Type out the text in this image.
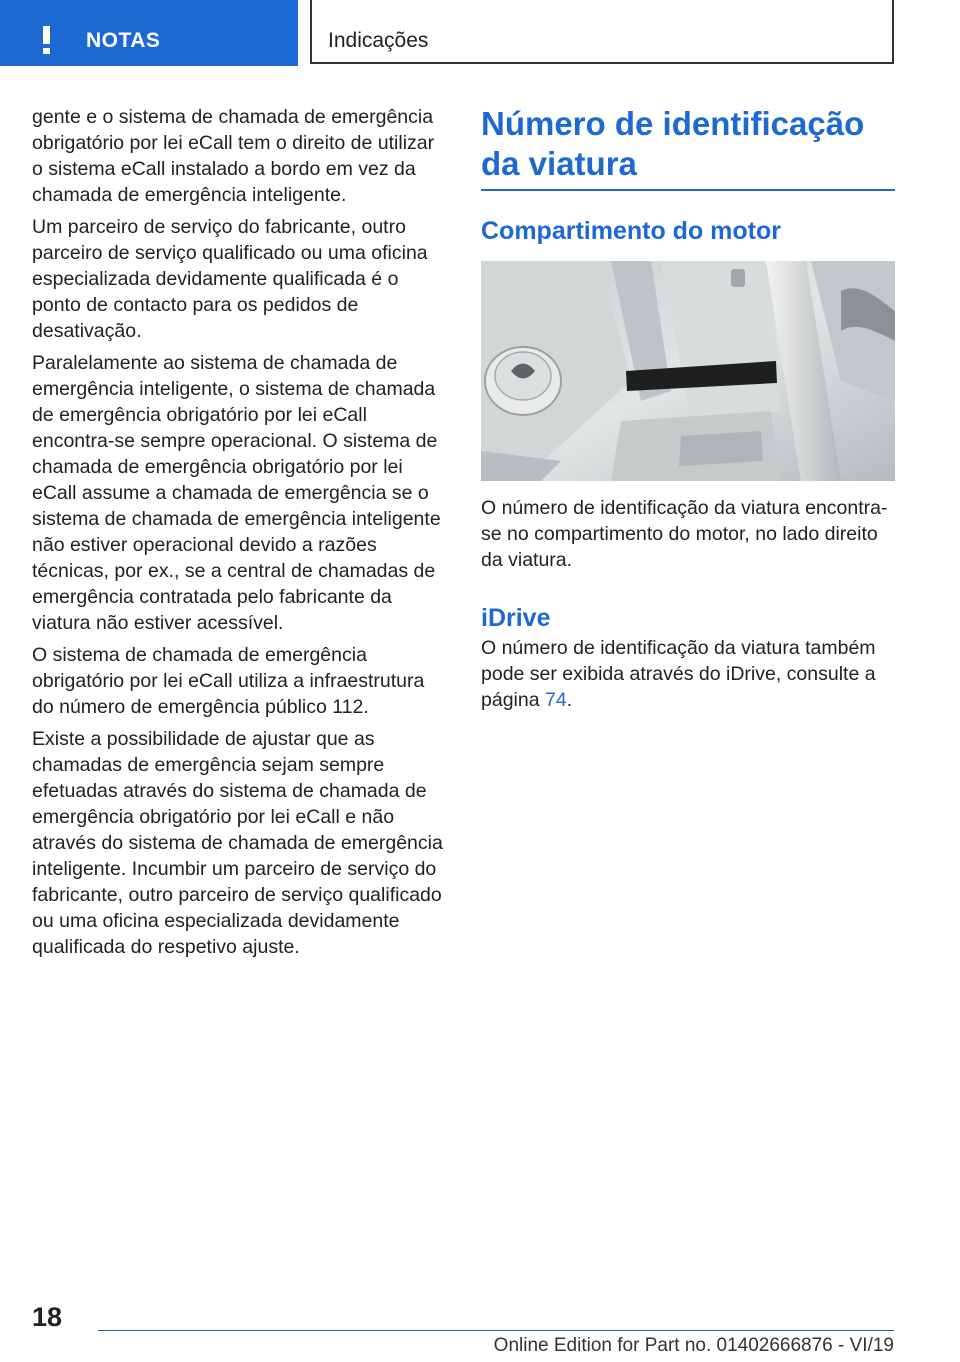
NOTAS	Indicações

gente e o sistema de chamada de emergência obrigatório por lei eCall tem o direito de utilizar o sistema eCall instalado a bordo em vez da chamada de emergência inteligente.

Um parceiro de serviço do fabricante, outro parceiro de serviço qualificado ou uma oficina especializada devidamente qualificada é o ponto de contacto para os pedidos de desativação.

Paralelamente ao sistema de chamada de emergência inteligente, o sistema de chamada de emergência obrigatório por lei eCall encontra-se sempre operacional. O sistema de chamada de emergência obrigatório por lei eCall assume a chamada de emergência se o sistema de chamada de emergência inteligente não estiver operacional devido a razões técnicas, por ex., se a central de chamadas de emergência contratada pelo fabricante da viatura não estiver acessível.

O sistema de chamada de emergência obrigatório por lei eCall utiliza a infraestrutura do número de emergência público 112.

Existe a possibilidade de ajustar que as chamadas de emergência sejam sempre efetuadas através do sistema de chamada de emergência obrigatório por lei eCall e não através do sistema de chamada de emergência inteligente. Incumbir um parceiro de serviço do fabricante, outro parceiro de serviço qualificado ou uma oficina especializada devidamente qualificada do respetivo ajuste.

Número de identificação da viatura
Compartimento do motor

O número de identificação da viatura encontra-se no compartimento do motor, no lado direito da viatura.

iDrive

O número de identificação da viatura também pode ser exibida através do iDrive, consulte a página 74.

18
Online Edition for Part no. 01402666876 - VI/19
